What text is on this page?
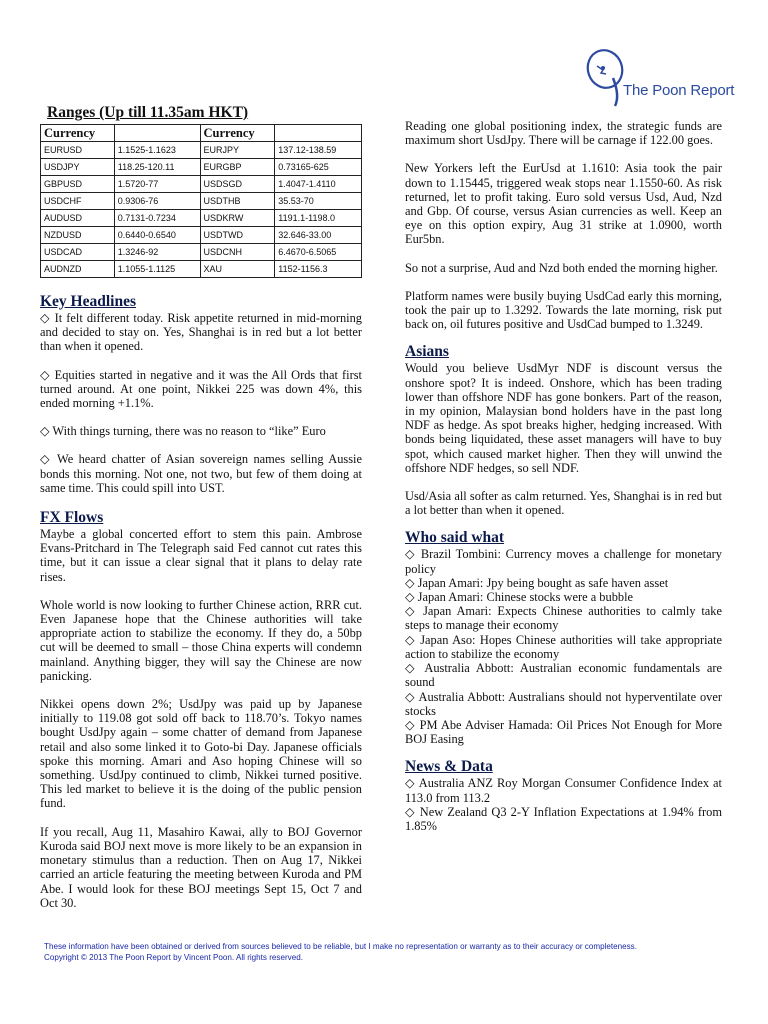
The Poon Report
Ranges (Up till 11.35am HKT)
Currency		Currency	
EURUSD	1.1525-1.1623	EURJPY	137.12-138.59
USDJPY	118.25-120.11	EURGBP	0.73165-625
GBPUSD	1.5720-77	USDSGD	1.4047-1.4110
USDCHF	0.9306-76	USDTHB	35.53-70
AUDUSD	0.7131-0.7234	USDKRW	1191.1-1198.0
NZDUSD	0.6440-0.6540	USDTWD	32.646-33.00
USDCAD	1.3246-92	USDCNH	6.4670-6.5065
AUDNZD	1.1055-1.1125	XAU	1152-1156.3
Key Headlines
◇ It felt different today. Risk appetite returned in mid-morning and decided to stay on. Yes, Shanghai is in red but a lot better than when it opened.
◇ Equities started in negative and it was the All Ords that first turned around. At one point, Nikkei 225 was down 4%, this ended morning +1.1%.
◇ With things turning, there was no reason to “like” Euro
◇ We heard chatter of Asian sovereign names selling Aussie bonds this morning. Not one, not two, but few of them doing at same time. This could spill into UST.
FX Flows

Maybe a global concerted effort to stem this pain. Ambrose Evans-Pritchard in The Telegraph said Fed cannot cut rates this time, but it can issue a clear signal that it plans to delay rate rises.

Whole world is now looking to further Chinese action, RRR cut. Even Japanese hope that the Chinese authorities will take appropriate action to stabilize the economy. If they do, a 50bp cut will be deemed to small – those China experts will condemn mainland. Anything bigger, they will say the Chinese are now panicking.

Nikkei opens down 2%; UsdJpy was paid up by Japanese initially to 119.08 got sold off back to 118.70’s. Tokyo names bought UsdJpy again – some chatter of demand from Japanese retail and also some linked it to Goto-bi Day. Japanese officials spoke this morning. Amari and Aso hoping Chinese will so something. UsdJpy continued to climb, Nikkei turned positive. This led market to believe it is the doing of the public pension fund.

If you recall, Aug 11, Masahiro Kawai, ally to BOJ Governor Kuroda said BOJ next move is more likely to be an expansion in monetary stimulus than a reduction. Then on Aug 17, Nikkei carried an article featuring the meeting between Kuroda and PM Abe. I would look for these BOJ meetings Sept 15, Oct 7 and Oct 30.

Reading one global positioning index, the strategic funds are maximum short UsdJpy. There will be carnage if 122.00 goes.

New Yorkers left the EurUsd at 1.1610: Asia took the pair down to 1.15445, triggered weak stops near 1.1550-60. As risk returned, let to profit taking. Euro sold versus Usd, Aud, Nzd and Gbp. Of course, versus Asian currencies as well. Keep an eye on this option expiry, Aug 31 strike at 1.0900, worth Eur5bn.

So not a surprise, Aud and Nzd both ended the morning higher.

Platform names were busily buying UsdCad early this morning, took the pair up to 1.3292. Towards the late morning, risk put back on, oil futures positive and UsdCad bumped to 1.3249.

Asians

Would you believe UsdMyr NDF is discount versus the onshore spot? It is indeed. Onshore, which has been trading lower than offshore NDF has gone bonkers. Part of the reason, in my opinion, Malaysian bond holders have in the past long NDF as hedge. As spot breaks higher, hedging increased. With bonds being liquidated, these asset managers will have to buy spot, which caused market higher. Then they will unwind the offshore NDF hedges, so sell NDF.

Usd/Asia all softer as calm returned. Yes, Shanghai is in red but a lot better than when it opened.

Who said what
◇ Brazil Tombini: Currency moves a challenge for monetary policy
◇ Japan Amari: Jpy being bought as safe haven asset
◇ Japan Amari: Chinese stocks were a bubble
◇ Japan Amari: Expects Chinese authorities to calmly take steps to manage their economy
◇ Japan Aso: Hopes Chinese authorities will take appropriate action to stabilize the economy
◇ Australia Abbott: Australian economic fundamentals are sound
◇ Australia Abbott: Australians should not hyperventilate over stocks
◇ PM Abe Adviser Hamada: Oil Prices Not Enough for More BOJ Easing
News & Data
◇ Australia ANZ Roy Morgan Consumer Confidence Index at 113.0 from 113.2
◇ New Zealand Q3 2-Y Inflation Expectations at 1.94% from 1.85%
These information have been obtained or derived from sources believed to be reliable, but I make no representation or warranty as to their accuracy or completeness.
Copyright © 2013 The Poon Report by Vincent Poon. All rights reserved.
